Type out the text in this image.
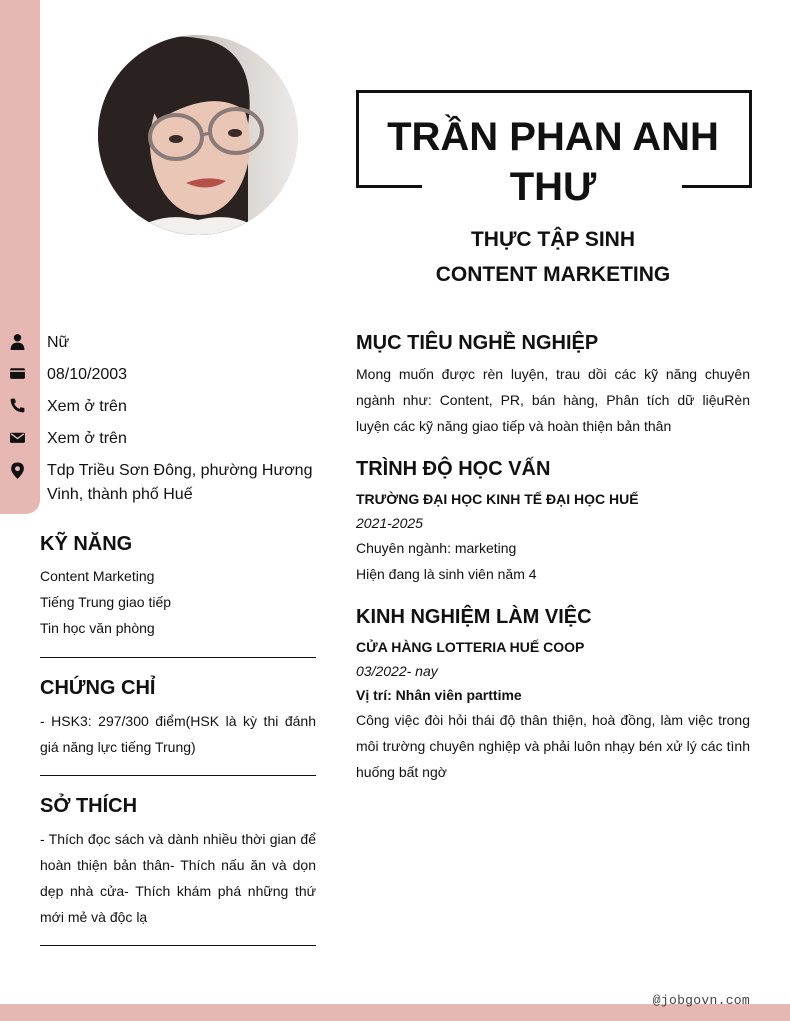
@jobgovn.com
TRẦN PHAN ANH
THƯ
THỰC TẬP SINH
CONTENT MARKETING
Nữ
08/10/2003
Xem ở trên
Xem ở trên
Tdp Triều Sơn Đông, phường Hương Vinh, thành phố Huế
KỸ NĂNG
Content Marketing
Tiếng Trung giao tiếp
Tin học văn phòng
CHỨNG CHỈ
- HSK3: 297/300 điểm(HSK là kỳ thi đánh giá năng lực tiếng Trung)
SỞ THÍCH
- Thích đọc sách và dành nhiều thời gian để hoàn thiện bản thân- Thích nấu ăn và dọn dẹp nhà cửa- Thích khám phá những thứ mới mẻ và độc lạ
MỤC TIÊU NGHỀ NGHIỆP
Mong muốn được rèn luyện, trau dồi các kỹ năng chuyên ngành như: Content, PR, bán hàng, Phân tích dữ liệuRèn luyện các kỹ năng giao tiếp và hoàn thiện bản thân
TRÌNH ĐỘ HỌC VẤN
TRƯỜNG ĐẠI HỌC KINH TẾ ĐẠI HỌC HUẾ
2021-2025
Chuyên ngành: marketing
Hiện đang là sinh viên năm 4
KINH NGHIỆM LÀM VIỆC
CỬA HÀNG LOTTERIA HUẾ COOP
03/2022- nay
Vị trí: Nhân viên parttime
Công việc đòi hỏi thái độ thân thiện, hoà đồng, làm việc trong môi trường chuyên nghiệp và phải luôn nhạy bén xử lý các tình huống bất ngờ
